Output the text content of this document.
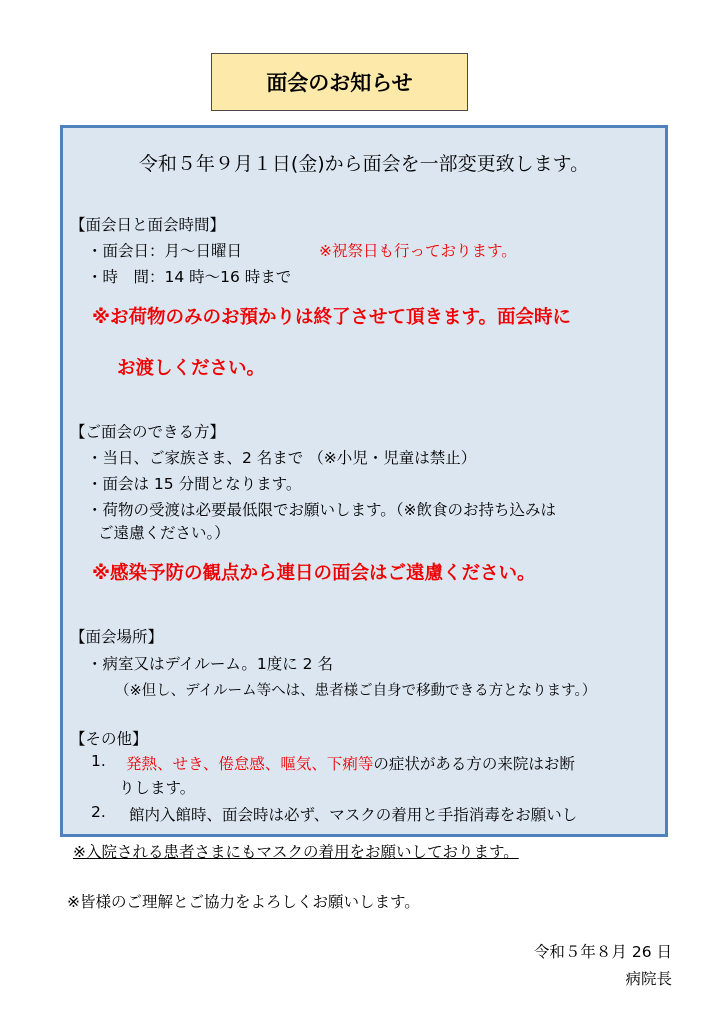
面会のお知らせ
令和５年９月１日(金)から面会を一部変更致します。
【面会日と面会時間】
・面会日：月～日曜日	※祝祭日も行っております。
・時　間：14 時～16 時まで
※お荷物のみのお預かりは終了させて頂きます。面会時に
お渡しください。
【ご面会のできる方】
・当日、ご家族さま、2 名まで （※小児・児童は禁止）
・面会は 15 分間となります。
・荷物の受渡は必要最低限でお願いします。（※飲食のお持ち込みは
ご遠慮ください。）
※感染予防の観点から連日の面会はご遠慮ください。
【面会場所】
・病室又はデイルーム。1度に 2 名
（※但し、デイルーム等へは、患者様ご自身で移動できる方となります。）
【その他】
1. 発熱、せき、倦怠感、嘔気、下痢等の症状がある方の来院はお断
りします。
2. 館内入館時、面会時は必ず、マスクの着用と手指消毒をお願いし
※入院される患者さまにもマスクの着用をお願いしております。
※皆様のご理解とご協力をよろしくお願いします。
令和５年８月 26 日
病院長
